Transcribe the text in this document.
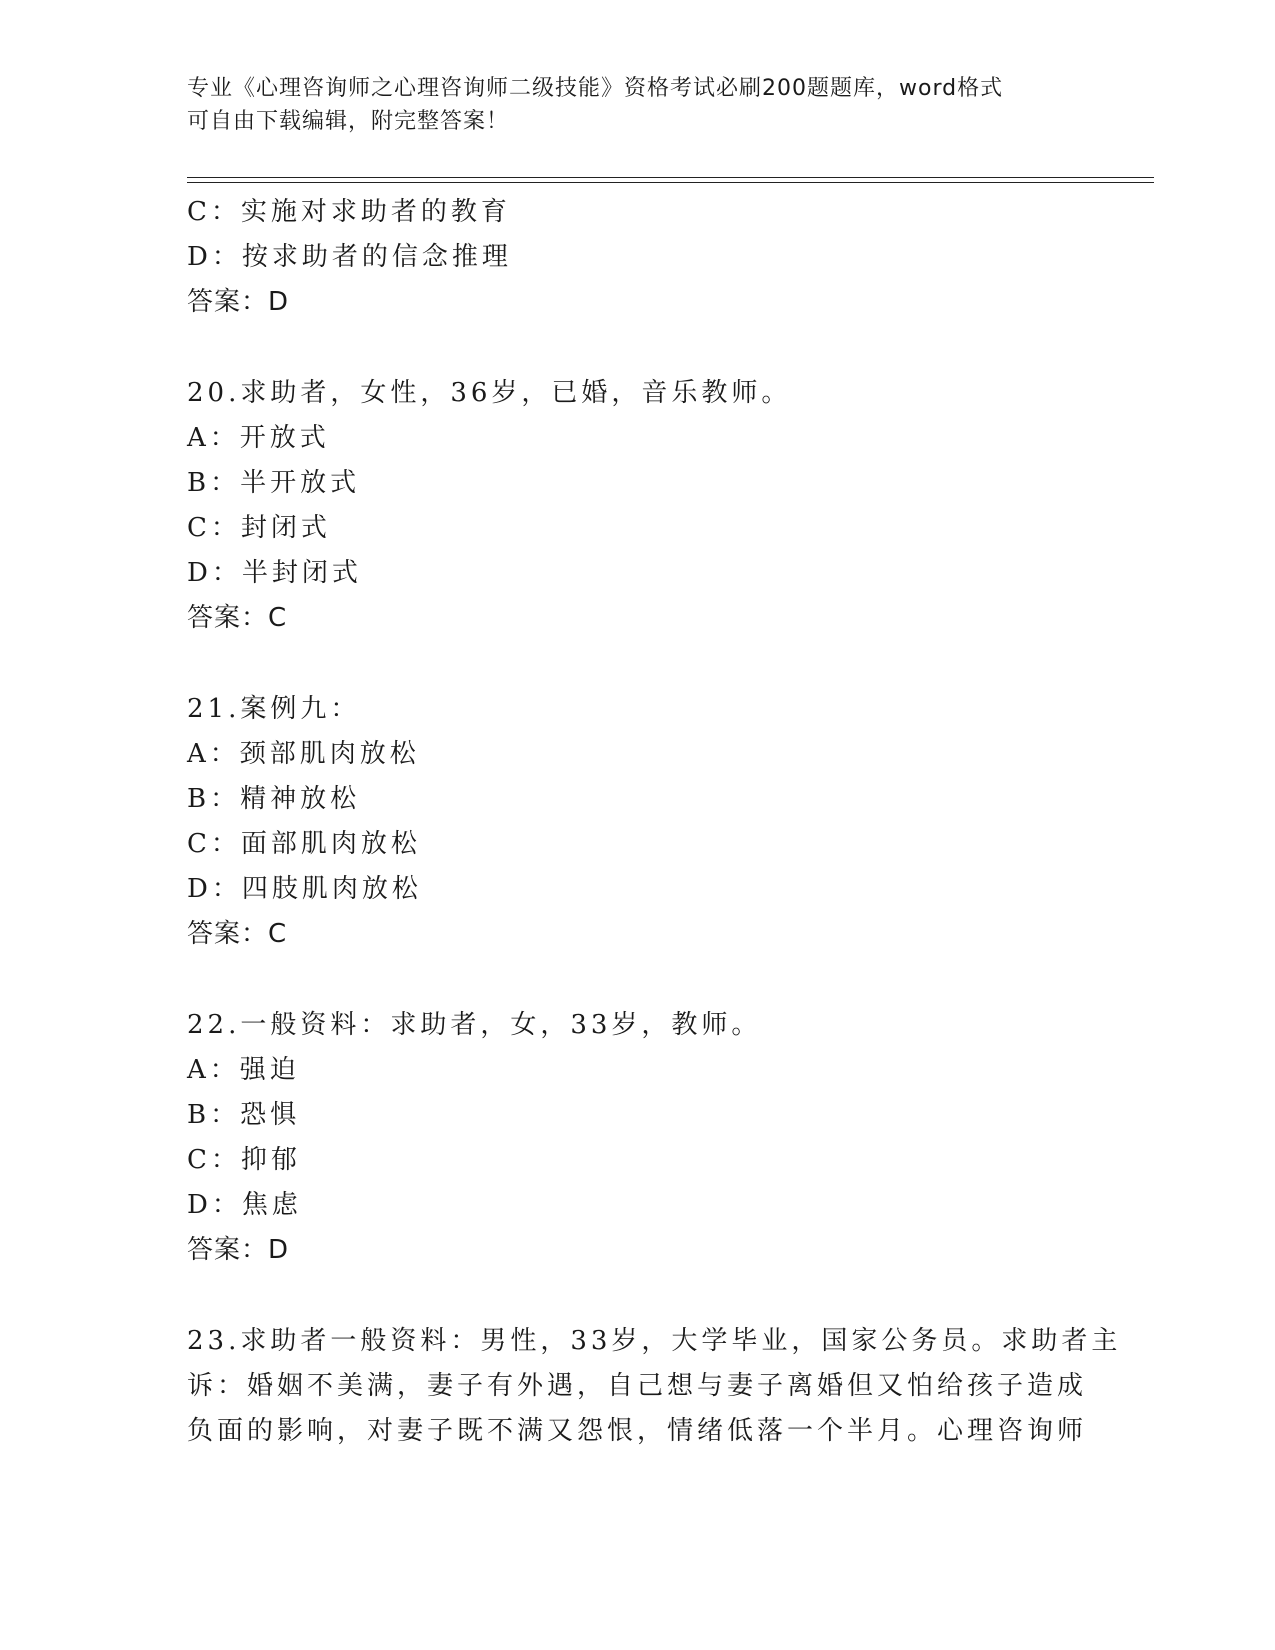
专业《心理咨询师之心理咨询师二级技能》资格考试必刷200题题库，word格式
可自由下载编辑，附完整答案！
C：实施对求助者的教育
D：按求助者的信念推理
答案：D
20.求助者，女性，36岁，已婚，音乐教师。
A：开放式
B：半开放式
C：封闭式
D：半封闭式
答案：C
21.案例九：
A：颈部肌肉放松
B：精神放松
C：面部肌肉放松
D：四肢肌肉放松
答案：C
22.一般资料：求助者，女，33岁，教师。
A：强迫
B：恐惧
C：抑郁
D：焦虑
答案：D
23.求助者一般资料：男性，33岁，大学毕业，国家公务员。求助者主
诉：婚姻不美满，妻子有外遇，自己想与妻子离婚但又怕给孩子造成
负面的影响，对妻子既不满又怨恨，情绪低落一个半月。心理咨询师
